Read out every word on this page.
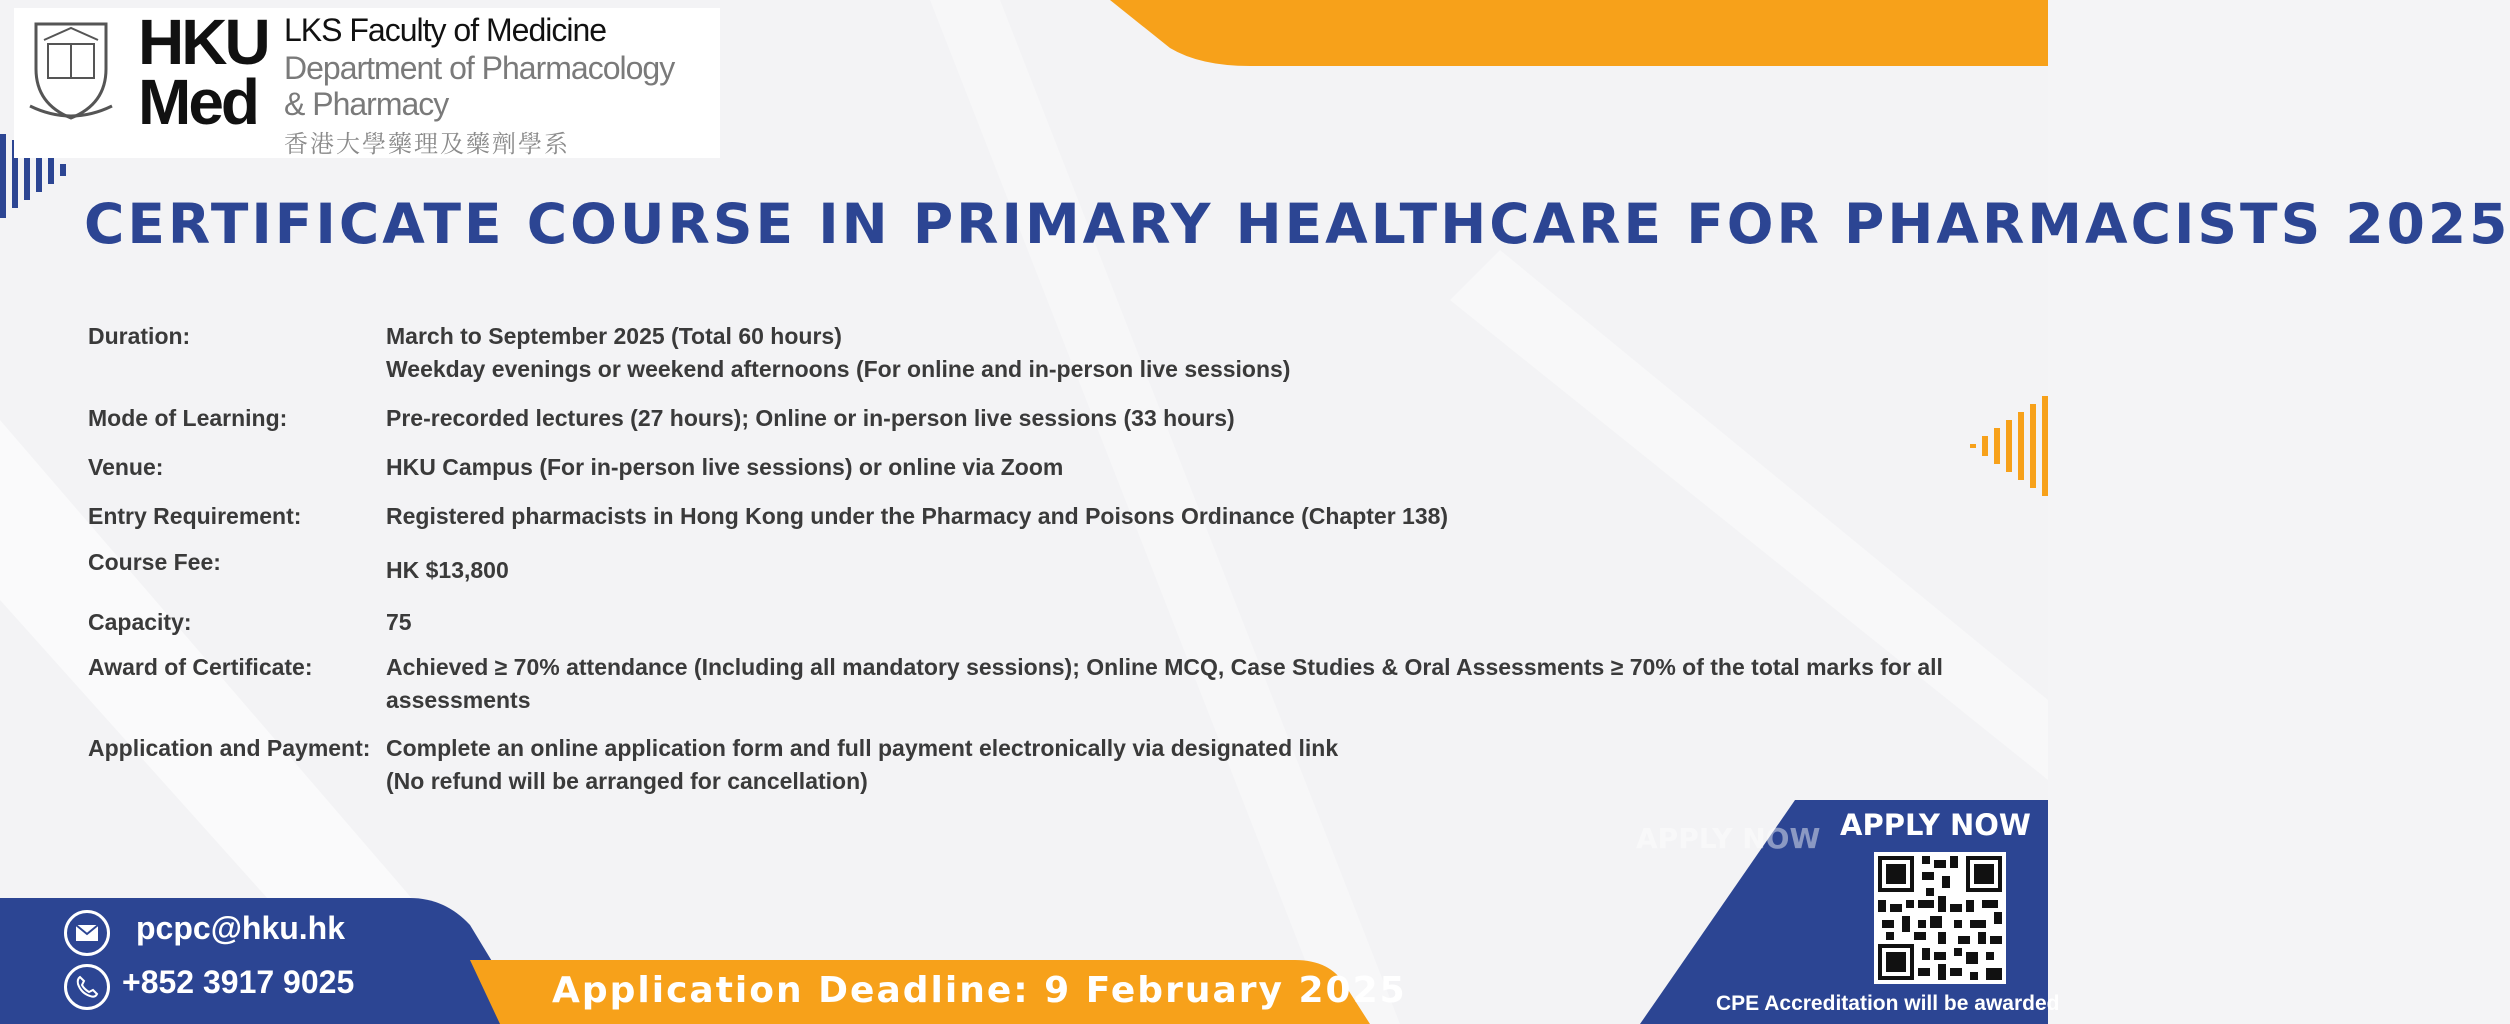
HKU
Med
LKS Faculty of Medicine
Department of Pharmacology
& Pharmacy
香港大學藥理及藥劑學系
CERTIFICATE COURSE IN PRIMARY HEALTHCARE FOR PHARMACISTS 2025
Duration:	March to September 2025 (Total 60 hours)
Weekday evenings or weekend afternoons (For online and in-person live sessions)
Mode of Learning:	Pre-recorded lectures (27 hours); Online or in-person live sessions (33 hours)
Venue:	HKU Campus (For in-person live sessions) or online via Zoom
Entry Requirement:	Registered pharmacists in Hong Kong under the Pharmacy and Poisons Ordinance (Chapter 138)
Course Fee:	HK $13,800
Capacity:	75
Award of Certificate:	Achieved ≥ 70% attendance (Including all mandatory sessions); Online MCQ, Case Studies & Oral Assessments ≥ 70% of the total marks for all
assessments
Application and Payment: Complete an online application form and full payment electronically via designated link
(No refund will be arranged for cancellation)
pcpc@hku.hk
+852 3917 9025	Application Deadline: 9 February 2025
APPLY NOW APPLY NOW
CPE Accreditation will be awarded
